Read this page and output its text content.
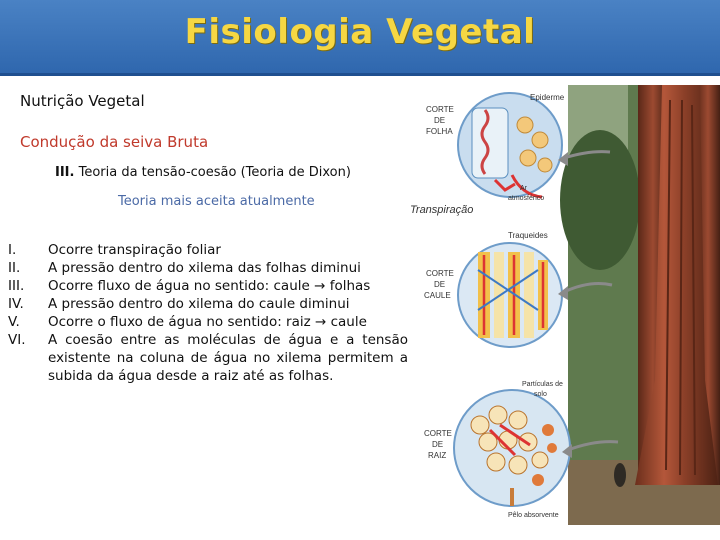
Fisiologia Vegetal
Nutrição Vegetal
Condução da seiva Bruta
III. Teoria da tensão-coesão (Teoria de Dixon)
Teoria mais aceita atualmente
I.	Ocorre transpiração foliar
II.	A pressão dentro do xilema das folhas diminui
III.	Ocorre fluxo de água no sentido: caule → folhas
IV.	A pressão dentro do xilema do caule diminui
V.	Ocorre o fluxo de água no sentido: raiz → caule
VI.	A coesão entre as moléculas de água e a tensão existente na coluna de água no xilema permitem a subida da água desde a raiz até as folhas.
CORTE
DE
FOLHA
Epiderme
Ar
atmosférico
Transpiração
Traqueides
CORTE
DE
CAULE
Partículas de
solo
CORTE
DE
RAIZ
Pêlo absorvente
